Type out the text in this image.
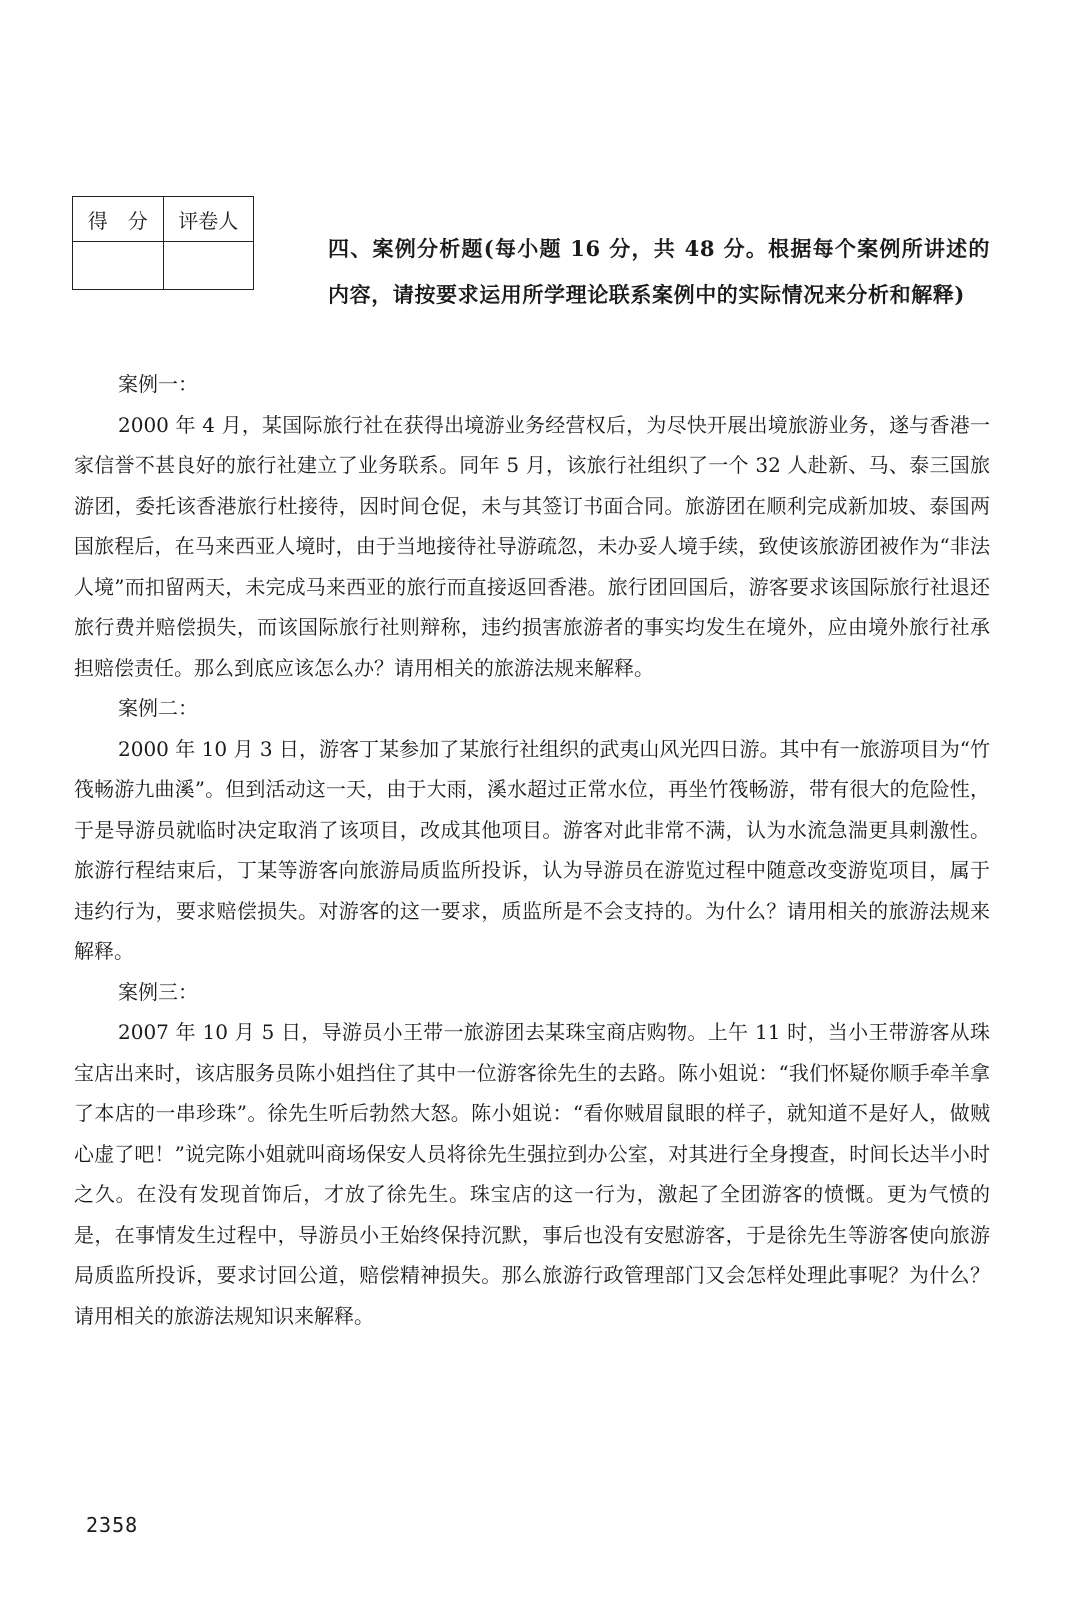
得　分	评卷人

四、案例分析题(每小题 16 分，共 48 分。根据每个案例所讲述的内容，请按要求运用所学理论联系案例中的实际情况来分析和解释)

案例一：

2000 年 4 月，某国际旅行社在获得出境游业务经营权后，为尽快开展出境旅游业务，遂与香港一家信誉不甚良好的旅行社建立了业务联系。同年 5 月，该旅行社组织了一个 32 人赴新、马、泰三国旅游团，委托该香港旅行杜接待，因时间仓促，未与其签订书面合同。旅游团在顺利完成新加坡、泰国两国旅程后，在马来西亚人境时，由于当地接待社导游疏忽，未办妥人境手续，致使该旅游团被作为“非法人境”而扣留两天，未完成马来西亚的旅行而直接返回香港。旅行团回国后，游客要求该国际旅行社退还旅行费并赔偿损失，而该国际旅行社则辩称，违约损害旅游者的事实均发生在境外，应由境外旅行社承担赔偿责任。那么到底应该怎么办？请用相关的旅游法规来解释。

案例二：

2000 年 10 月 3 日，游客丁某参加了某旅行社组织的武夷山风光四日游。其中有一旅游项目为“竹筏畅游九曲溪”。但到活动这一天，由于大雨，溪水超过正常水位，再坐竹筏畅游，带有很大的危险性，于是导游员就临时决定取消了该项目，改成其他项目。游客对此非常不满，认为水流急湍更具刺激性。旅游行程结束后，丁某等游客向旅游局质监所投诉，认为导游员在游览过程中随意改变游览项目，属于违约行为，要求赔偿损失。对游客的这一要求，质监所是不会支持的。为什么？请用相关的旅游法规来解释。

案例三：

2007 年 10 月 5 日，导游员小王带一旅游团去某珠宝商店购物。上午 11 时，当小王带游客从珠宝店出来时，该店服务员陈小姐挡住了其中一位游客徐先生的去路。陈小姐说：“我们怀疑你顺手牵羊拿了本店的一串珍珠”。徐先生听后勃然大怒。陈小姐说：“看你贼眉鼠眼的样子，就知道不是好人，做贼心虚了吧！”说完陈小姐就叫商场保安人员将徐先生强拉到办公室，对其进行全身搜查，时间长达半小时之久。在没有发现首饰后，才放了徐先生。珠宝店的这一行为，激起了全团游客的愤慨。更为气愤的是，在事情发生过程中，导游员小王始终保持沉默，事后也没有安慰游客，于是徐先生等游客使向旅游局质监所投诉，要求讨回公道，赔偿精神损失。那么旅游行政管理部门又会怎样处理此事呢？为什么？请用相关的旅游法规知识来解释。

2358
